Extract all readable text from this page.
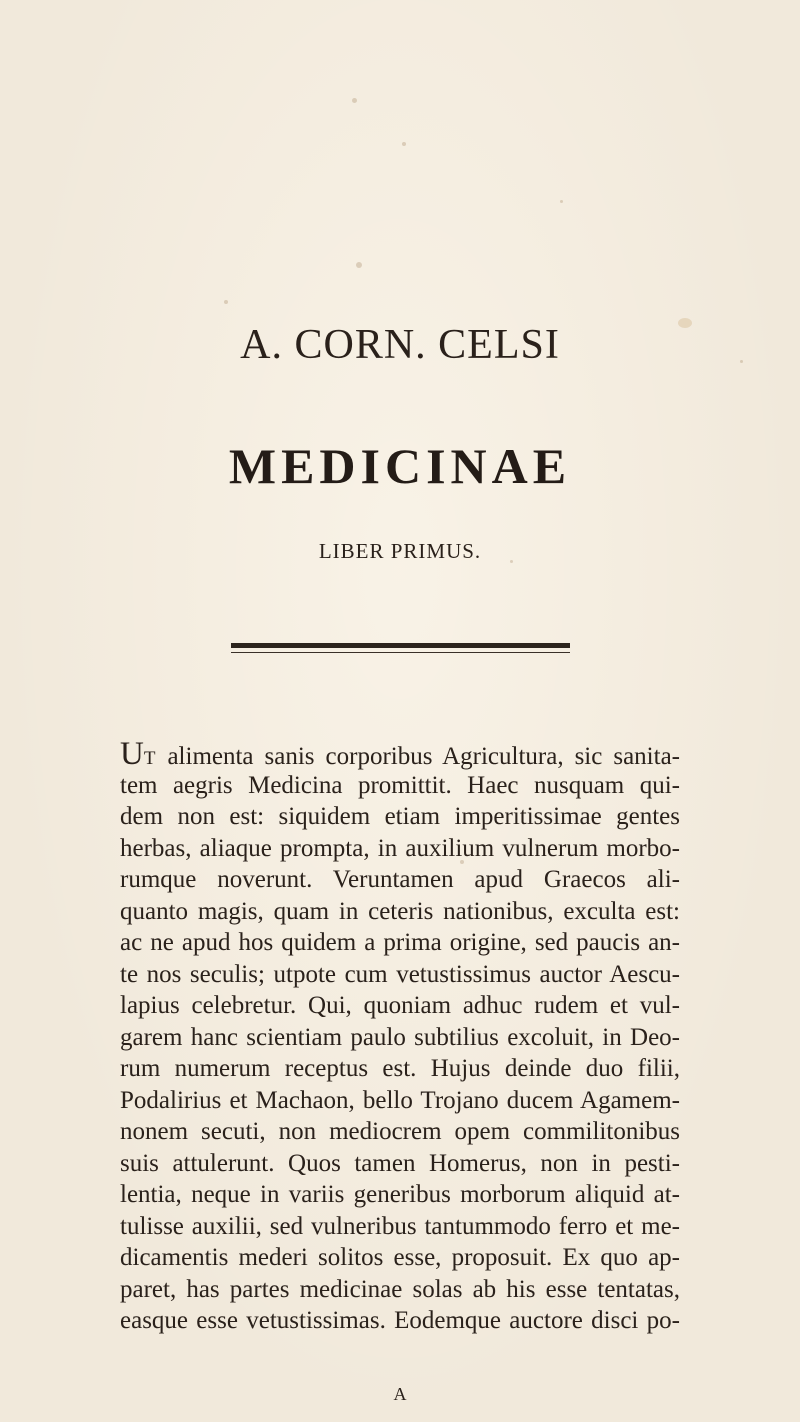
A. CORN. CELSI
MEDICINAE
LIBER PRIMUS.
UT alimenta sanis corporibus Agricultura, sic sanita-
tem aegris Medicina promittit. Haec nusquam qui-
dem non est: siquidem etiam imperitissimae gentes
herbas, aliaque prompta, in auxilium vulnerum morbo-
rumque noverunt. Veruntamen apud Graecos ali-
quanto magis, quam in ceteris nationibus, exculta est:
ac ne apud hos quidem a prima origine, sed paucis an-
te nos seculis; utpote cum vetustissimus auctor Aescu-
lapius celebretur. Qui, quoniam adhuc rudem et vul-
garem hanc scientiam paulo subtilius excoluit, in Deo-
rum numerum receptus est. Hujus deinde duo filii,
Podalirius et Machaon, bello Trojano ducem Agamem-
nonem secuti, non mediocrem opem commilitonibus
suis attulerunt. Quos tamen Homerus, non in pesti-
lentia, neque in variis generibus morborum aliquid at-
tulisse auxilii, sed vulneribus tantummodo ferro et me-
dicamentis mederi solitos esse, proposuit. Ex quo ap-
paret, has partes medicinae solas ab his esse tentatas,
easque esse vetustissimas. Eodemque auctore disci po-
A
